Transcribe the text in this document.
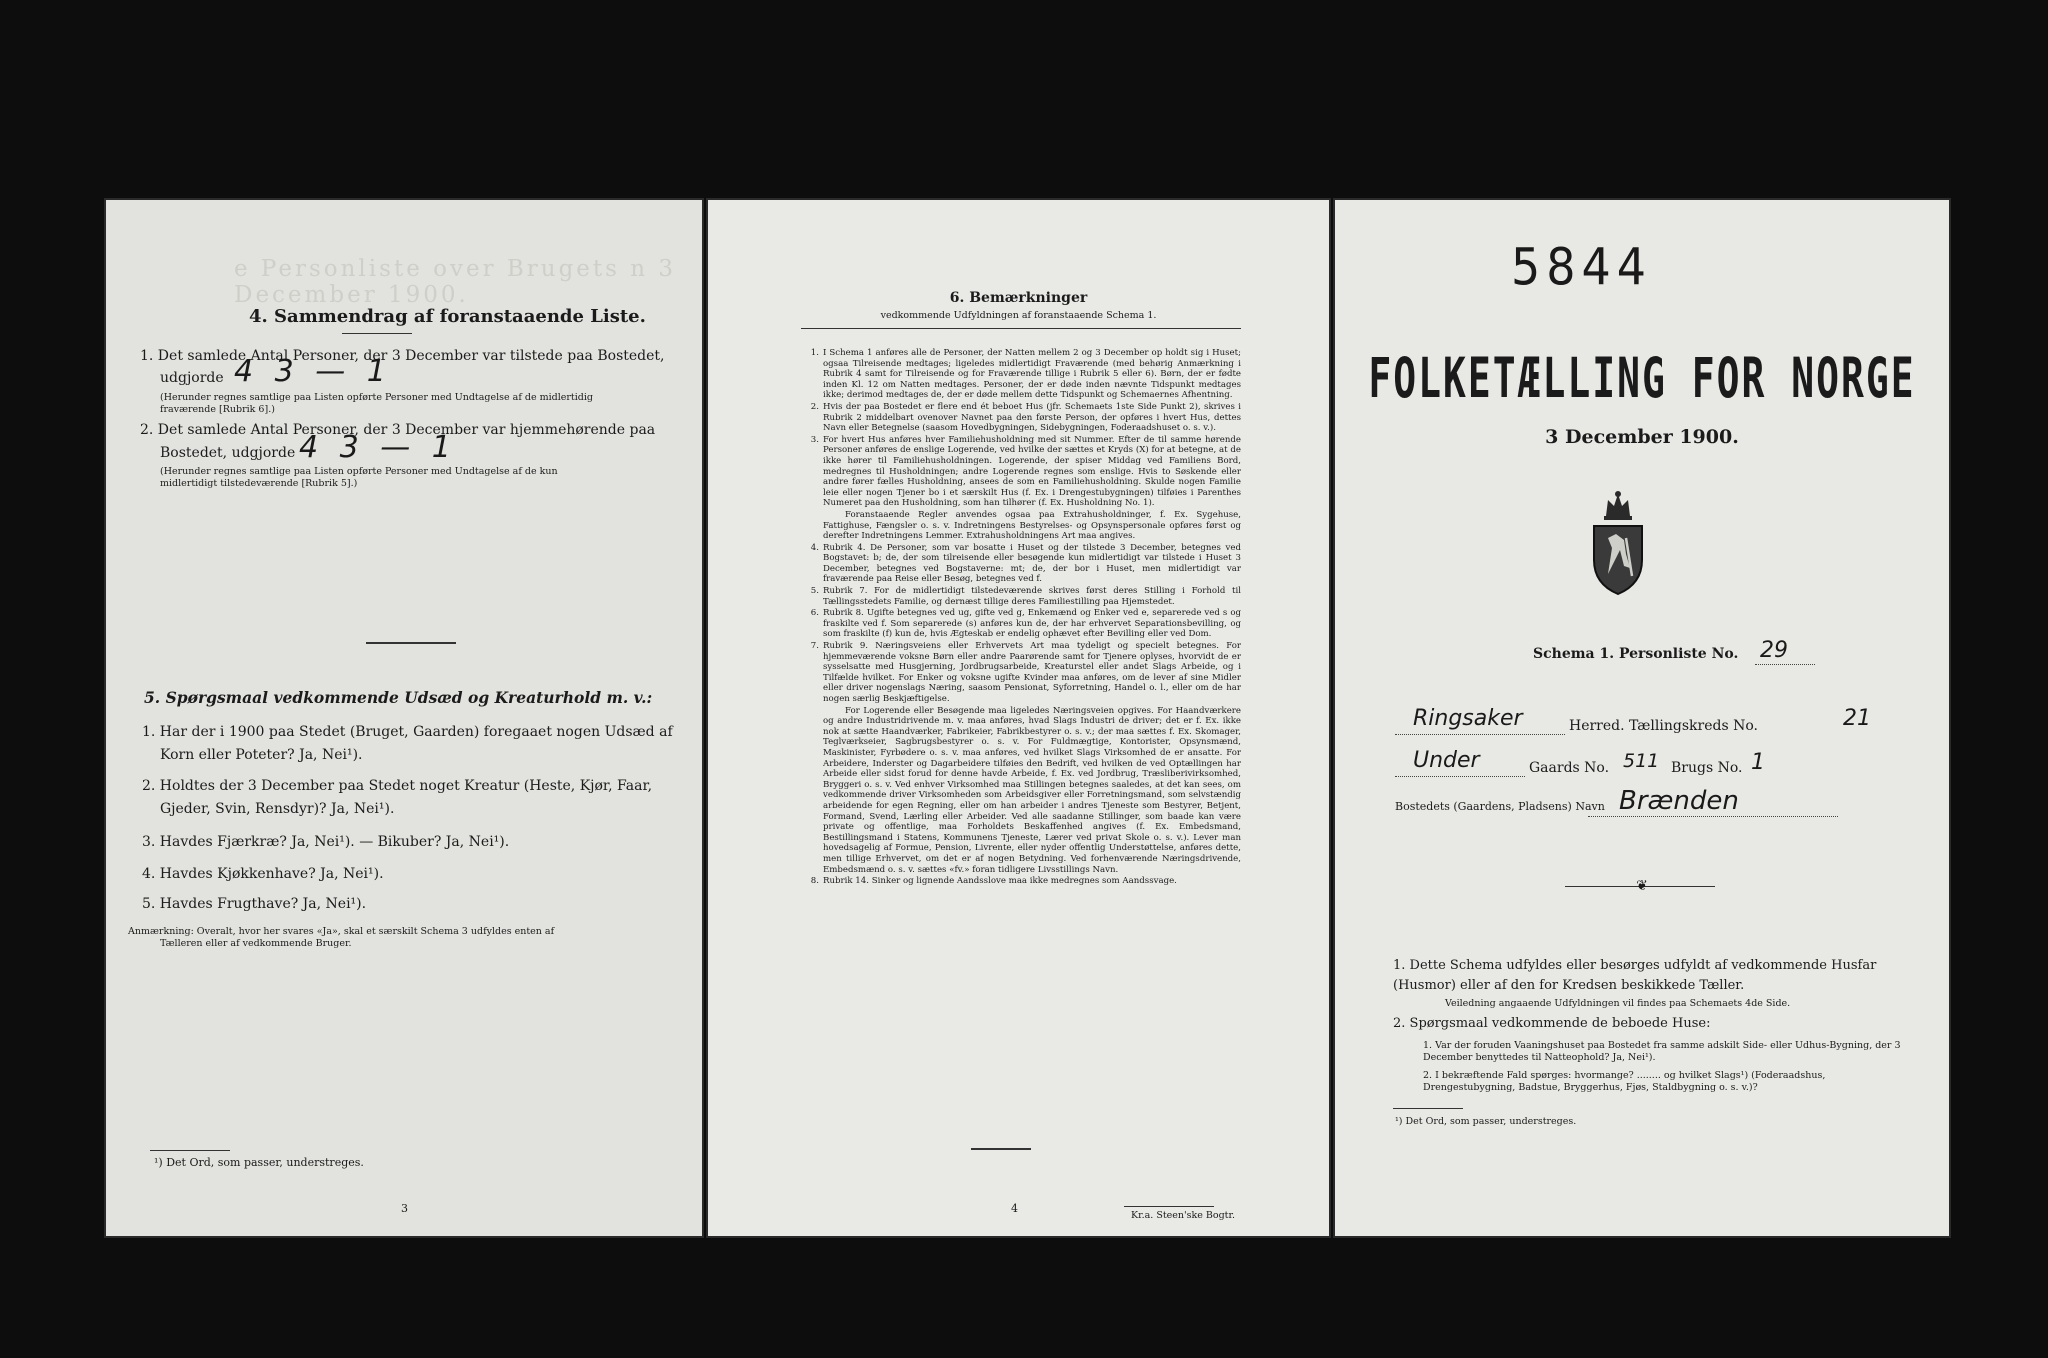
e Personliste over Brugets n 3 December 1900.
4. Sammendrag af foranstaaende Liste.
1. Det samlede Antal Personer, der 3 December var tilstede paa Bostedet,
udgjorde 4 3 — 1
(Herunder regnes samtlige paa Listen opførte Personer med Undtagelse af de midlertidig
fraværende [Rubrik 6].)
2. Det samlede Antal Personer, der 3 December var hjemmehørende paa
Bostedet, udgjorde 4 3 — 1
(Herunder regnes samtlige paa Listen opførte Personer med Undtagelse af de kun
midlertidigt tilstedeværende [Rubrik 5].)
5. Spørgsmaal vedkommende Udsæd og Kreaturhold m. v.:
1. Har der i 1900 paa Stedet (Bruget, Gaarden) foregaaet nogen Udsæd af
Korn eller Poteter? Ja, Nei¹).
2. Holdtes der 3 December paa Stedet noget Kreatur (Heste, Kjør, Faar,
Gjeder, Svin, Rensdyr)? Ja, Nei¹).
3. Havdes Fjærkræ? Ja, Nei¹). — Bikuber? Ja, Nei¹).
4. Havdes Kjøkkenhave? Ja, Nei¹).
5. Havdes Frugthave? Ja, Nei¹).
Anmærkning: Overalt, hvor her svares «Ja», skal et særskilt Schema 3 udfyldes enten af
Tælleren eller af vedkommende Bruger.
¹) Det Ord, som passer, understreges.
3
6. Bemærkninger
vedkommende Udfyldningen af foranstaaende Schema 1.
1. I Schema 1 anføres alle de Personer, der Natten mellem 2 og 3 December op holdt sig i Huset; ogsaa Tilreisende medtages; ligeledes midlertidigt Fraværende (med behørig Anmærkning i Rubrik 4 samt for Tilreisende og for Fraværende tillige i Rubrik 5 eller 6). Børn, der er fødte inden Kl. 12 om Natten medtages. Personer, der er døde inden nævnte Tidspunkt medtages ikke; derimod medtages de, der er døde mellem dette Tidspunkt og Schemaernes Afhentning.
2. Hvis der paa Bostedet er flere end ét beboet Hus (jfr. Schemaets 1ste Side Punkt 2), skrives i Rubrik 2 middelbart ovenover Navnet paa den første Person, der opføres i hvert Hus, dettes Navn eller Betegnelse (saasom Hovedbygningen, Sidebygningen, Foderaadshuset o. s. v.).
3. For hvert Hus anføres hver Familiehusholdning med sit Nummer. Efter de til samme hørende Personer anføres de enslige Logerende, ved hvilke der sættes et Kryds (X) for at betegne, at de ikke hører til Familiehusholdningen. Logerende, der spiser Middag ved Familiens Bord, medregnes til Husholdningen; andre Logerende regnes som enslige. Hvis to Søskende eller andre fører fælles Husholdning, ansees de som en Familiehusholdning. Skulde nogen Familie leie eller nogen Tjener bo i et særskilt Hus (f. Ex. i Drengestubygningen) tilføies i Parenthes Numeret paa den Husholdning, som han tilhører (f. Ex. Husholdning No. 1).
Foranstaaende Regler anvendes ogsaa paa Extrahusholdninger, f. Ex. Sygehuse, Fattighuse, Fængsler o. s. v. Indretningens Bestyrelses- og Opsynspersonale opføres først og derefter Indretningens Lemmer. Extrahusholdningens Art maa angives.
4. Rubrik 4. De Personer, som var bosatte i Huset og der tilstede 3 December, betegnes ved Bogstavet: b; de, der som tilreisende eller besøgende kun midlertidigt var tilstede i Huset 3 December, betegnes ved Bogstaverne: mt; de, der bor i Huset, men midlertidigt var fraværende paa Reise eller Besøg, betegnes ved f.
5. Rubrik 7. For de midlertidigt tilstedeværende skrives først deres Stilling i Forhold til Tællingsstedets Familie, og dernæst tillige deres Familiestilling paa Hjemstedet.
6. Rubrik 8. Ugifte betegnes ved ug, gifte ved g, Enkemænd og Enker ved e, separerede ved s og fraskilte ved f. Som separerede (s) anføres kun de, der har erhvervet Separationsbevilling, og som fraskilte (f) kun de, hvis Ægteskab er endelig ophævet efter Bevilling eller ved Dom.
7. Rubrik 9. Næringsveiens eller Erhvervets Art maa tydeligt og specielt betegnes. For hjemmeværende voksne Børn eller andre Paarørende samt for Tjenere oplyses, hvorvidt de er sysselsatte med Husgjerning, Jordbrugsarbeide, Kreaturstel eller andet Slags Arbeide, og i Tilfælde hvilket. For Enker og voksne ugifte Kvinder maa anføres, om de lever af sine Midler eller driver nogenslags Næring, saasom Pensionat, Syforretning, Handel o. l., eller om de har nogen særlig Beskjæftigelse.
For Logerende eller Besøgende maa ligeledes Næringsveien opgives. For Haandværkere og andre Industridrivende m. v. maa anføres, hvad Slags Industri de driver; det er f. Ex. ikke nok at sætte Haandværker, Fabrikeier, Fabrikbestyrer o. s. v.; der maa sættes f. Ex. Skomager, Teglværkseier, Sagbrugsbestyrer o. s. v. For Fuldmægtige, Kontorister, Opsynsmænd, Maskinister, Fyrbødere o. s. v. maa anføres, ved hvilket Slags Virksomhed de er ansatte. For Arbeidere, Inderster og Dagarbeidere tilføies den Bedrift, ved hvilken de ved Optællingen har Arbeide eller sidst forud for denne havde Arbeide, f. Ex. ved Jordbrug, Træsliberivirksomhed, Bryggeri o. s. v. Ved enhver Virksomhed maa Stillingen betegnes saaledes, at det kan sees, om vedkommende driver Virksomheden som Arbeidsgiver eller Forretningsmand, som selvstændig arbeidende for egen Regning, eller om han arbeider i andres Tjeneste som Bestyrer, Betjent, Formand, Svend, Lærling eller Arbeider. Ved alle saadanne Stillinger, som baade kan være private og offentlige, maa Forholdets Beskaffenhed angives (f. Ex. Embedsmand, Bestillingsmand i Statens, Kommunens Tjeneste, Lærer ved privat Skole o. s. v.). Lever man hovedsagelig af Formue, Pension, Livrente, eller nyder offentlig Understøttelse, anføres dette, men tillige Erhvervet, om det er af nogen Betydning. Ved forhenværende Næringsdrivende, Embedsmænd o. s. v. sættes «fv.» foran tidligere Livsstillings Navn.
8. Rubrik 14. Sinker og lignende Aandsslove maa ikke medregnes som Aandssvage.
4
Kr.a. Steen'ske Bogtr.
5844
FOLKETÆLLING FOR NORGE
3 December 1900.
Schema 1. Personliste No. 29
Ringsaker	Herred. Tællingskreds No.	21
Under	Gaards No. 511 Brugs No. 1
Bostedets (Gaardens, Pladsens) Navn Brænden
❦
1. Dette Schema udfyldes eller besørges udfyldt af vedkommende Husfar (Husmor) eller af den for Kredsen beskikkede Tæller.
Veiledning angaaende Udfyldningen vil findes paa Schemaets 4de Side.
2. Spørgsmaal vedkommende de beboede Huse:
1. Var der foruden Vaaningshuset paa Bostedet fra samme adskilt Side- eller Udhus-Bygning, der 3 December benyttedes til Natteophold? Ja, Nei¹).
2. I bekræftende Fald spørges: hvormange? ........ og hvilket Slags¹) (Foderaadshus, Drengestubygning, Badstue, Bryggerhus, Fjøs, Staldbygning o. s. v.)?
¹) Det Ord, som passer, understreges.
